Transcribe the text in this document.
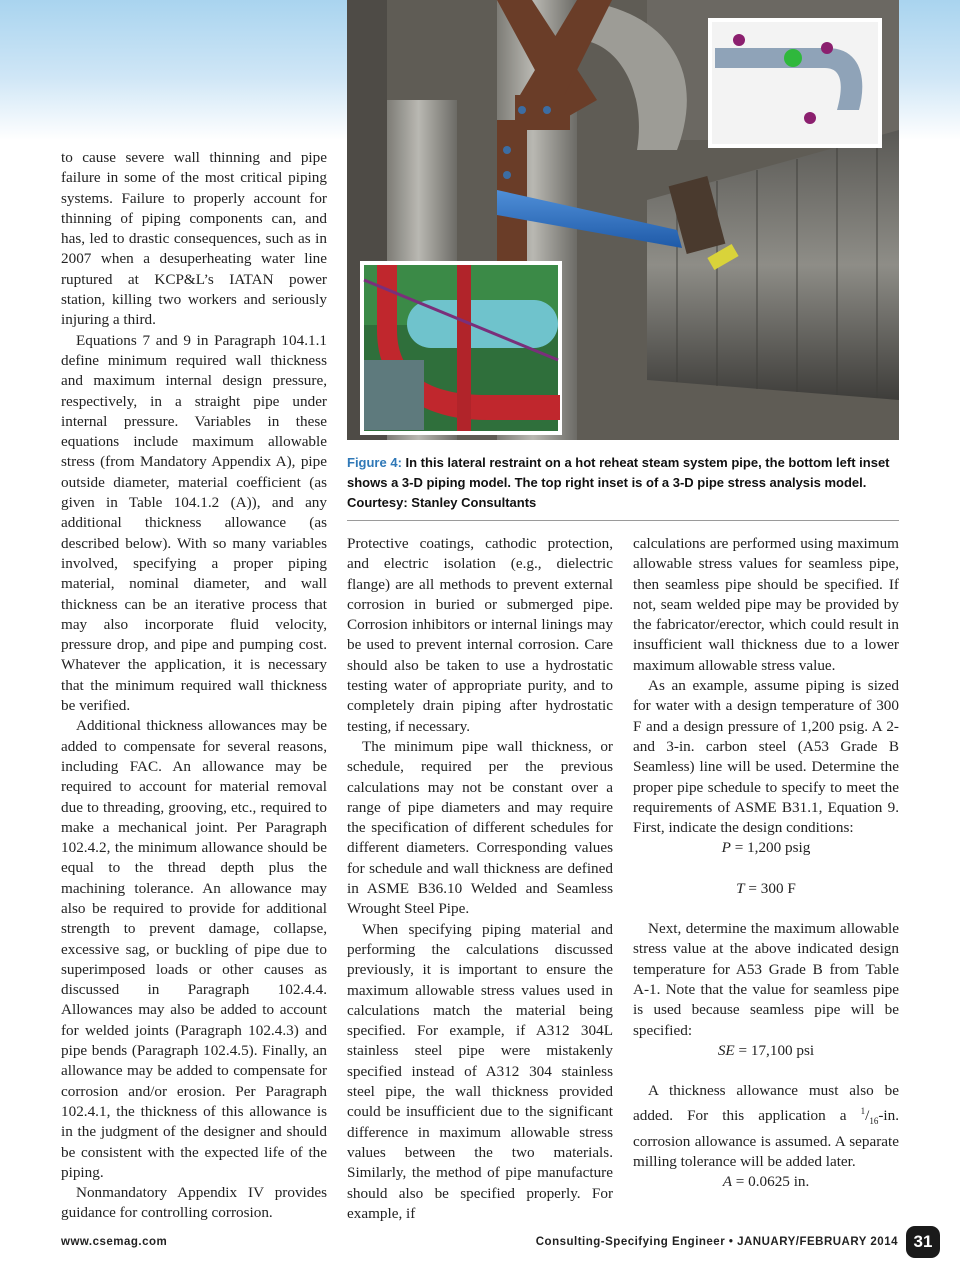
to cause severe wall thinning and pipe failure in some of the most critical piping systems. Failure to properly account for thinning of piping components can, and has, led to drastic consequences, such as in 2007 when a desuperheating water line ruptured at KCP&L’s IATAN power station, killing two workers and seriously injuring a third.

Equations 7 and 9 in Paragraph 104.1.1 define minimum required wall thickness and maximum internal design pressure, respectively, in a straight pipe under internal pressure. Variables in these equations include maximum allowable stress (from Mandatory Appendix A), pipe outside diameter, material coefficient (as given in Table 104.1.2 (A)), and any additional thickness allowance (as described below). With so many variables involved, specifying a proper piping material, nominal diameter, and wall thickness can be an iterative process that may also incorporate fluid velocity, pressure drop, and pipe and pumping cost. Whatever the application, it is necessary that the minimum required wall thickness be verified.

Additional thickness allowances may be added to compensate for several reasons, including FAC. An allowance may be required to account for material removal due to threading, grooving, etc., required to make a mechanical joint. Per Paragraph 102.4.2, the minimum allowance should be equal to the thread depth plus the machining tolerance. An allowance may also be required to provide for additional strength to prevent damage, collapse, excessive sag, or buckling of pipe due to superimposed loads or other causes as discussed in Paragraph 102.4.4. Allowances may also be added to account for welded joints (Paragraph 102.4.3) and pipe bends (Paragraph 102.4.5). Finally, an allowance may be added to compensate for corrosion and/or erosion. Per Paragraph 102.4.1, the thickness of this allowance is in the judgment of the designer and should be consistent with the expected life of the piping.

Nonmandatory Appendix IV provides guidance for controlling corrosion.

Figure 4: In this lateral restraint on a hot reheat steam system pipe, the bottom left inset shows a 3-D piping model. The top right inset is of a 3-D pipe stress analysis model. Courtesy: Stanley Consultants

Protective coatings, cathodic protection, and electric isolation (e.g., dielectric flange) are all methods to prevent external corrosion in buried or submerged pipe. Corrosion inhibitors or internal linings may be used to prevent internal corrosion. Care should also be taken to use a hydrostatic testing water of appropriate purity, and to completely drain piping after hydrostatic testing, if necessary.

The minimum pipe wall thickness, or schedule, required per the previous calculations may not be constant over a range of pipe diameters and may require the specification of different schedules for different diameters. Corresponding values for schedule and wall thickness are defined in ASME B36.10 Welded and Seamless Wrought Steel Pipe.

When specifying piping material and performing the calculations discussed previously, it is important to ensure the maximum allowable stress values used in calculations match the material being specified. For example, if A312 304L stainless steel pipe were mistakenly specified instead of A312 304 stainless steel pipe, the wall thickness provided could be insufficient due to the significant difference in maximum allowable stress values between the two materials. Similarly, the method of pipe manufacture should also be specified properly. For example, if

calculations are performed using maximum allowable stress values for seamless pipe, then seamless pipe should be specified. If not, seam welded pipe may be provided by the fabricator/erector, which could result in insufficient wall thickness due to a lower maximum allowable stress value.

As an example, assume piping is sized for water with a design temperature of 300 F and a design pressure of 1,200 psig. A 2- and 3-in. carbon steel (A53 Grade B Seamless) line will be used. Determine the proper pipe schedule to specify to meet the requirements of ASME B31.1, Equation 9. First, indicate the design conditions:

P = 1,200 psig

T = 300 F

Next, determine the maximum allowable stress value at the above indicated design temperature for A53 Grade B from Table A-1. Note that the value for seamless pipe is used because seamless pipe will be specified:

SE = 17,100 psi

A thickness allowance must also be added. For this application a $^1/_{16}-in$. corrosion allowance is assumed. A separate milling tolerance will be added later.

A = 0.0625 in.

www.csemag.com	Consulting-Specifying Engineer • JANUARY/FEBRUARY 2014 31
